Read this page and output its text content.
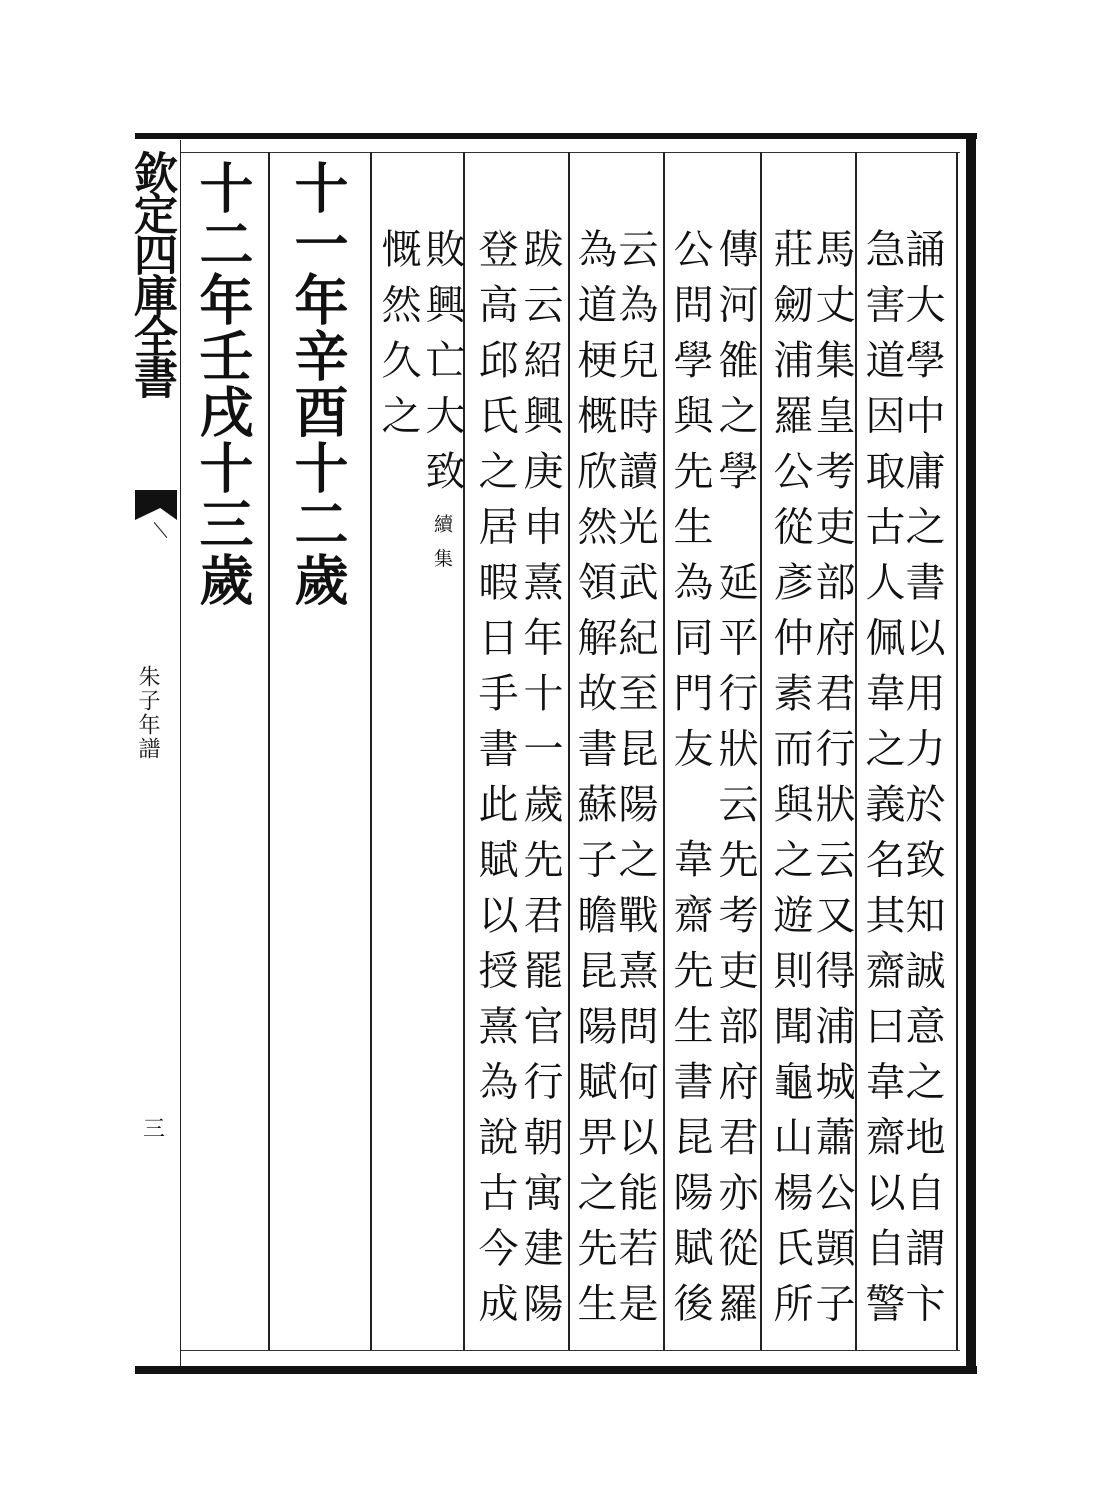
欽定四庫全書
朱子年譜
三	誦大學中庸之書以用力於致知誠意之地自謂卞
急害道因取古人佩韋之義名其齋曰韋齋以自警
馬丈集皇考吏部府君行狀云又得浦城蕭公顗子
莊劒浦羅公從彥仲素而與之遊則聞龜山楊氏所
傳河雒之學延平行狀云先考吏部府君亦從羅
公問學與先生為同門友韋齋先生書昆陽賦後
云為兒時讀光武紀至昆陽之戰熹問何以能若是
為道梗概欣然領解故書蘇子瞻昆陽賦畀之先生
跋云紹興庚申熹年十一歲先君罷官行朝寓建陽
登高邱氏之居暇日手書此賦以授熹為說古今成
敗興亡大致續集
慨然久之
十一年辛酉十二歲
十二年壬戌十三歲
